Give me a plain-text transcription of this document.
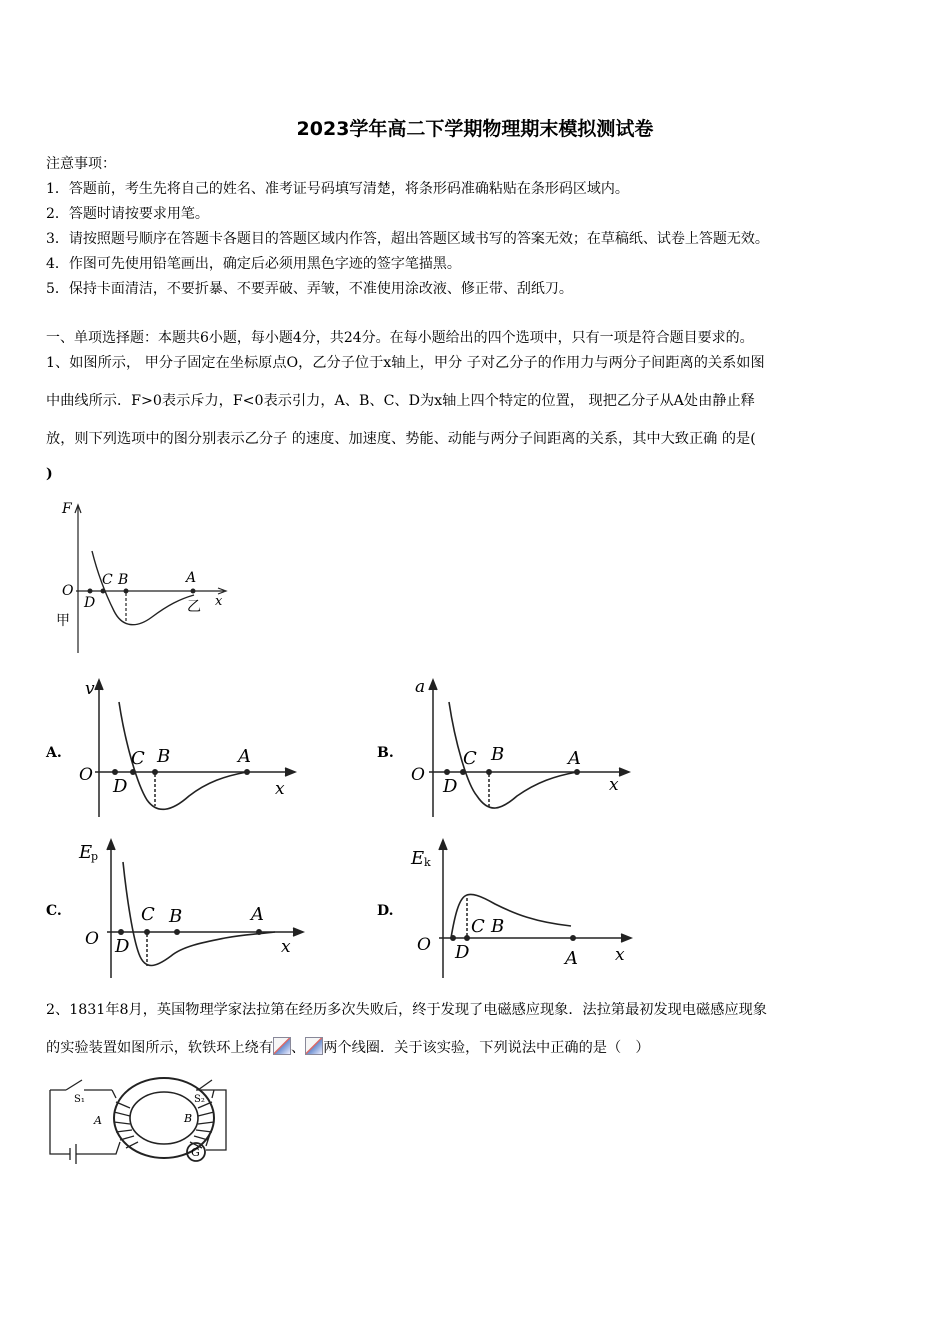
2023学年高二下学期物理期末模拟测试卷
注意事项：
1．答题前，考生先将自己的姓名、准考证号码填写清楚，将条形码准确粘贴在条形码区域内。
2．答题时请按要求用笔。
3．请按照题号顺序在答题卡各题目的答题区域内作答，超出答题区域书写的答案无效；在草稿纸、试卷上答题无效。
4．作图可先使用铅笔画出，确定后必须用黑色字迹的签字笔描黑。
5．保持卡面清洁，不要折暴、不要弄破、弄皱，不准使用涂改液、修正带、刮纸刀。
一、单项选择题：本题共6小题，每小题4分，共24分。在每小题给出的四个选项中，只有一项是符合题目要求的。
1、如图所示， 甲分子固定在坐标原点O，乙分子位于x轴上，甲分 子对乙分子的作用力与两分子间距离的关系如图
中曲线所示．F>0表示斥力，F<0表示引力，A、B、C、D为x轴上四个特定的位置， 现把乙分子从A处由静止释
放，则下列选项中的图分别表示乙分子 的速度、加速度、势能、动能与两分子间距离的关系，其中大致正确 的是(
)
F
O
C B	A
D	x
甲
乙
A.
v
O
C B	A
D	x
B.
a
O
C B	A
D	x
C.
E
p
O
C B	A
D	x
D.
E k
O
C B
A
D	x
2、1831年8月，英国物理学家法拉第在经历多次失败后，终于发现了电磁感应现象．法拉第最初发现电磁感应现象
的实验装置如图所示，软铁环上绕有 、 两个线圈．关于该实验，下列说法中正确的是（　）
S₁	S₂
A	B
G
